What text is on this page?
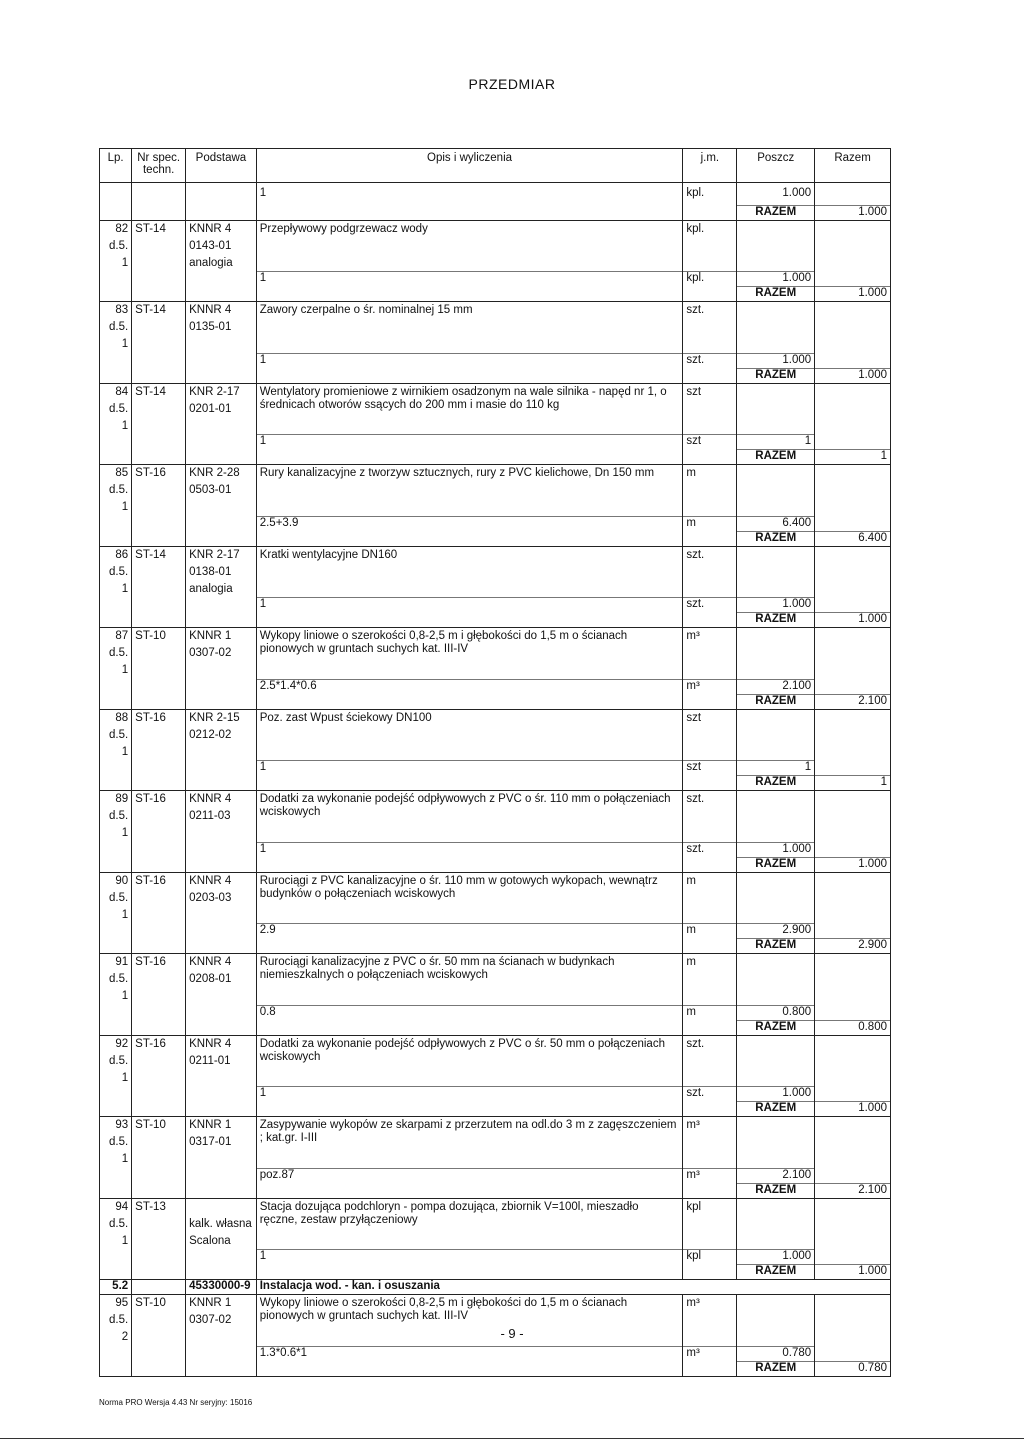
PRZEDMIAR
Lp.	Nr spec. techn.	Podstawa	Opis i wyliczenia	j.m.	Poszcz	Razem
			1	kpl.	1.000	
					RAZEM	1.000
82	ST-14	KNNR 4	Przepływowy podgrzewacz wody	kpl.		
d.5.		0143-01				
1		analogia				
			1	kpl.	1.000	
					RAZEM	1.000
83	ST-14	KNNR 4	Zawory czerpalne o śr. nominalnej 15 mm	szt.		
d.5.		0135-01				
1						
			1	szt.	1.000	
					RAZEM	1.000
84	ST-14	KNR 2-17	Wentylatory promieniowe z wirnikiem osadzonym na wale silnika - napęd nr 1, o średnicach otworów ssących do 200 mm i masie do 110 kg	szt		
d.5.		0201-01				
1						
			1	szt	1	
					RAZEM	1
85	ST-16	KNR 2-28	Rury kanalizacyjne z tworzyw sztucznych, rury z PVC kielichowe, Dn 150 mm	m		
d.5.		0503-01				
1						
			2.5+3.9	m	6.400	
					RAZEM	6.400
86	ST-14	KNR 2-17	Kratki wentylacyjne DN160	szt.		
d.5.		0138-01				
1		analogia				
			1	szt.	1.000	
					RAZEM	1.000
87	ST-10	KNNR 1	Wykopy liniowe o szerokości 0,8-2,5 m i głębokości do 1,5 m o ścianach pionowych w gruntach suchych kat. III-IV	m³		
d.5.		0307-02				
1						
			2.5*1.4*0.6	m³	2.100	
					RAZEM	2.100
88	ST-16	KNR 2-15	Poz. zast Wpust ściekowy DN100	szt		
d.5.		0212-02				
1						
			1	szt	1	
					RAZEM	1
89	ST-16	KNNR 4	Dodatki za wykonanie podejść odpływowych z PVC o śr. 110 mm o połączeniach wciskowych	szt.		
d.5.		0211-03				
1						
			1	szt.	1.000	
					RAZEM	1.000
90	ST-16	KNNR 4	Rurociągi z PVC kanalizacyjne o śr. 110 mm w gotowych wykopach, wewnątrz budynków o połączeniach wciskowych	m		
d.5.		0203-03				
1						
			2.9	m	2.900	
					RAZEM	2.900
91	ST-16	KNNR 4	Rurociągi kanalizacyjne z PVC o śr. 50 mm na ścianach w budynkach niemieszkalnych o połączeniach wciskowych	m		
d.5.		0208-01				
1						
			0.8	m	0.800	
					RAZEM	0.800
92	ST-16	KNNR 4	Dodatki za wykonanie podejść odpływowych z PVC o śr. 50 mm o połączeniach wciskowych	szt.		
d.5.		0211-01				
1						
			1	szt.	1.000	
					RAZEM	1.000
93	ST-10	KNNR 1	Zasypywanie wykopów ze skarpami z przerzutem na odl.do 3 m z zagęszczeniem ; kat.gr. I-III	m³		
d.5.		0317-01				
1						
			poz.87	m³	2.100	
					RAZEM	2.100
94	ST-13		Stacja dozująca podchloryn - pompa dozująca, zbiornik V=100l, mieszadło ręczne, zestaw przyłączeniowy	kpl		
d.5.		kalk. własna				
1		Scalona				
			1	kpl	1.000	
					RAZEM	1.000
5.2		45330000-9	Instalacja wod. - kan. i osuszania			
95	ST-10	KNNR 1	Wykopy liniowe o szerokości 0,8-2,5 m i głębokości do 1,5 m o ścianach pionowych w gruntach suchych kat. III-IV	m³		
d.5.		0307-02				
2						
			1.3*0.6*1	m³	0.780	
					RAZEM	0.780
- 9 -
Norma PRO Wersja 4.43 Nr seryjny: 15016
